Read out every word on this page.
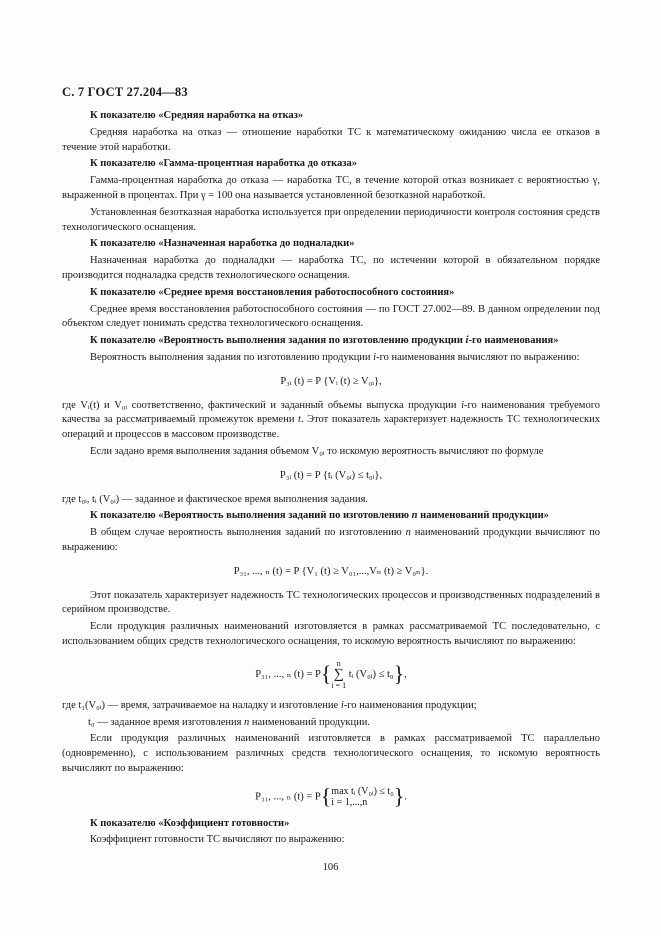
С. 7 ГОСТ 27.204—83
К показателю «Средняя наработка на отказ»

Средняя наработка на отказ — отношение наработки ТС к математическому ожиданию числа ее отказов в течение этой наработки.

К показателю «Гамма-процентная наработка до отказа»

Гамма-процентная наработка до отказа — наработка ТС, в течение которой отказ возникает с вероятностью γ, выраженной в процентах. При γ = 100 она называется установленной безотказной наработкой.

Установленная безотказная наработка используется при определении периодичности контроля состояния средств технологического оснащения.

К показателю «Назначенная наработка до подналадки»

Назначенная наработка до подналадки — наработка ТС, по истечении которой в обязательном порядке производится подналадка средств технологического оснащения.

К показателю «Среднее время восстановления работоспособного состояния»

Среднее время восстановления работоспособного состояния — по ГОСТ 27.002—89. В данном определении под объектом следует понимать средства технологического оснащения.

К показателю «Вероятность выполнения задания по изготовлению продукции i-го наименования»

Вероятность выполнения задания по изготовлению продукции i-го наименования вычисляют по выражению:

P₃ᵢ (t) = P {Vᵢ (t) ≥ V₀ᵢ},

где Vᵢ(t) и V₀ᵢ соответственно, фактический и заданный объемы выпуска продукции i-го наименования требуемого качества за рассматриваемый промежуток времени t. Этот показатель характеризует надежность ТС технологических операций и процессов в массовом производстве.

Если задано время выполнения задания объемом V₀ᵢ то искомую вероятность вычисляют по формуле

P₃ᵢ (t) = P {tᵢ (V₀ᵢ) ≤ t₀ᵢ},

где t₀ᵢ, tᵢ (V₀ᵢ) — заданное и фактическое время выполнения задания.

К показателю «Вероятность выполнения заданий по изготовлению n наименований продукции»

В общем случае вероятность выполнения заданий по изготовлению n наименований продукции вычисляют по выражению:

P₃₁, ..., ₙ (t) = P {V₁ (t) ≥ V₀₁,...,Vₙ (t) ≥ V₀ₙ}.

Этот показатель характеризует надежность ТС технологических процессов и производственных подразделений в серийном производстве.

Если продукция различных наименований изготовляется в рамках рассматриваемой ТС последовательно, с использованием общих средств технологического оснащения, то искомую вероятность вычисляют по выражению:

P₃₁, ..., ₙ (t) = P{ n
∑
i = 1
tᵢ (V₀ᵢ) ≤ t₀},

где t₁(V₀ᵢ) — время, затрачиваемое на наладку и изготовление i-го наименования продукции;

t₀ — заданное время изготовления n наименований продукции.

Если продукция различных наименований изготовляется в рамках рассматриваемой ТС параллельно (одновременно), с использованием различных средств технологического оснащения, то искомую вероятность вычисляют по выражению:

P₃₁, ..., ₙ (t) = P{ max tᵢ (V₀ᵢ) ≤ t₀
i = 1,...,n	}.
К показателю «Коэффициент готовности»

Коэффициент готовности ТС вычисляют по выражению:

106
